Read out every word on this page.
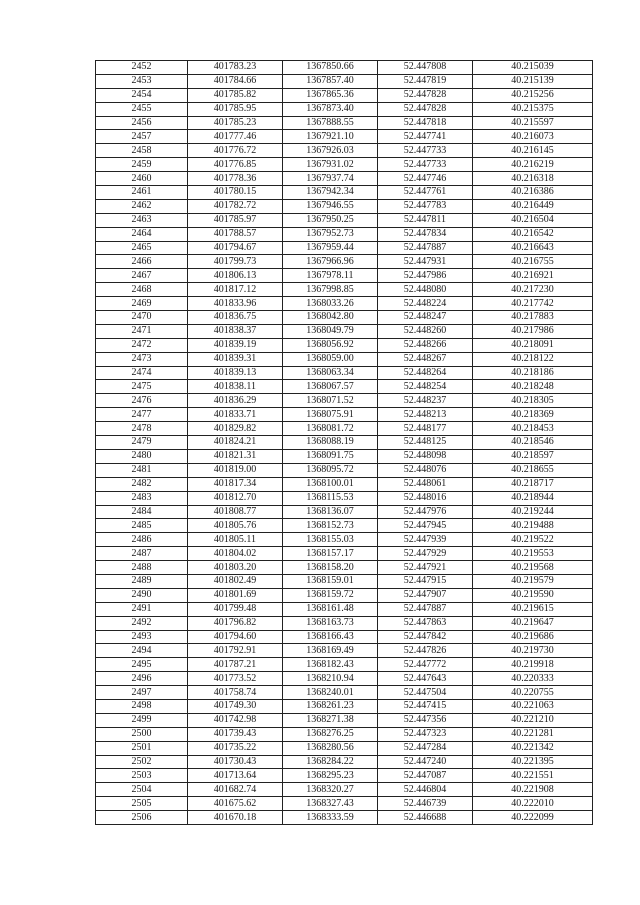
2452	401783.23	1367850.66	52.447808	40.215039
2453	401784.66	1367857.40	52.447819	40.215139
2454	401785.82	1367865.36	52.447828	40.215256
2455	401785.95	1367873.40	52.447828	40.215375
2456	401785.23	1367888.55	52.447818	40.215597
2457	401777.46	1367921.10	52.447741	40.216073
2458	401776.72	1367926.03	52.447733	40.216145
2459	401776.85	1367931.02	52.447733	40.216219
2460	401778.36	1367937.74	52.447746	40.216318
2461	401780.15	1367942.34	52.447761	40.216386
2462	401782.72	1367946.55	52.447783	40.216449
2463	401785.97	1367950.25	52.447811	40.216504
2464	401788.57	1367952.73	52.447834	40.216542
2465	401794.67	1367959.44	52.447887	40.216643
2466	401799.73	1367966.96	52.447931	40.216755
2467	401806.13	1367978.11	52.447986	40.216921
2468	401817.12	1367998.85	52.448080	40.217230
2469	401833.96	1368033.26	52.448224	40.217742
2470	401836.75	1368042.80	52.448247	40.217883
2471	401838.37	1368049.79	52.448260	40.217986
2472	401839.19	1368056.92	52.448266	40.218091
2473	401839.31	1368059.00	52.448267	40.218122
2474	401839.13	1368063.34	52.448264	40.218186
2475	401838.11	1368067.57	52.448254	40.218248
2476	401836.29	1368071.52	52.448237	40.218305
2477	401833.71	1368075.91	52.448213	40.218369
2478	401829.82	1368081.72	52.448177	40.218453
2479	401824.21	1368088.19	52.448125	40.218546
2480	401821.31	1368091.75	52.448098	40.218597
2481	401819.00	1368095.72	52.448076	40.218655
2482	401817.34	1368100.01	52.448061	40.218717
2483	401812.70	1368115.53	52.448016	40.218944
2484	401808.77	1368136.07	52.447976	40.219244
2485	401805.76	1368152.73	52.447945	40.219488
2486	401805.11	1368155.03	52.447939	40.219522
2487	401804.02	1368157.17	52.447929	40.219553
2488	401803.20	1368158.20	52.447921	40.219568
2489	401802.49	1368159.01	52.447915	40.219579
2490	401801.69	1368159.72	52.447907	40.219590
2491	401799.48	1368161.48	52.447887	40.219615
2492	401796.82	1368163.73	52.447863	40.219647
2493	401794.60	1368166.43	52.447842	40.219686
2494	401792.91	1368169.49	52.447826	40.219730
2495	401787.21	1368182.43	52.447772	40.219918
2496	401773.52	1368210.94	52.447643	40.220333
2497	401758.74	1368240.01	52.447504	40.220755
2498	401749.30	1368261.23	52.447415	40.221063
2499	401742.98	1368271.38	52.447356	40.221210
2500	401739.43	1368276.25	52.447323	40.221281
2501	401735.22	1368280.56	52.447284	40.221342
2502	401730.43	1368284.22	52.447240	40.221395
2503	401713.64	1368295.23	52.447087	40.221551
2504	401682.74	1368320.27	52.446804	40.221908
2505	401675.62	1368327.43	52.446739	40.222010
2506	401670.18	1368333.59	52.446688	40.222099
